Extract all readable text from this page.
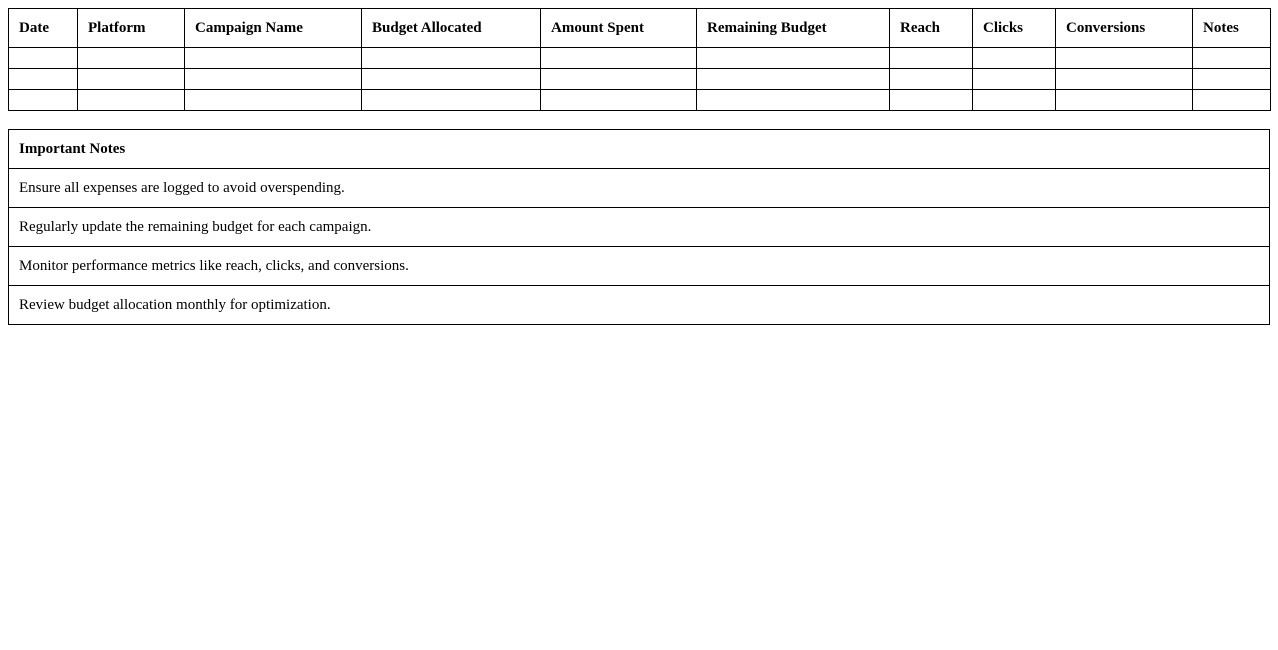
Date	Platform	Campaign Name	Budget Allocated	Amount Spent	Remaining Budget	Reach	Clicks	Conversions	Notes

Important Notes
Ensure all expenses are logged to avoid overspending.
Regularly update the remaining budget for each campaign.
Monitor performance metrics like reach, clicks, and conversions.
Review budget allocation monthly for optimization.
